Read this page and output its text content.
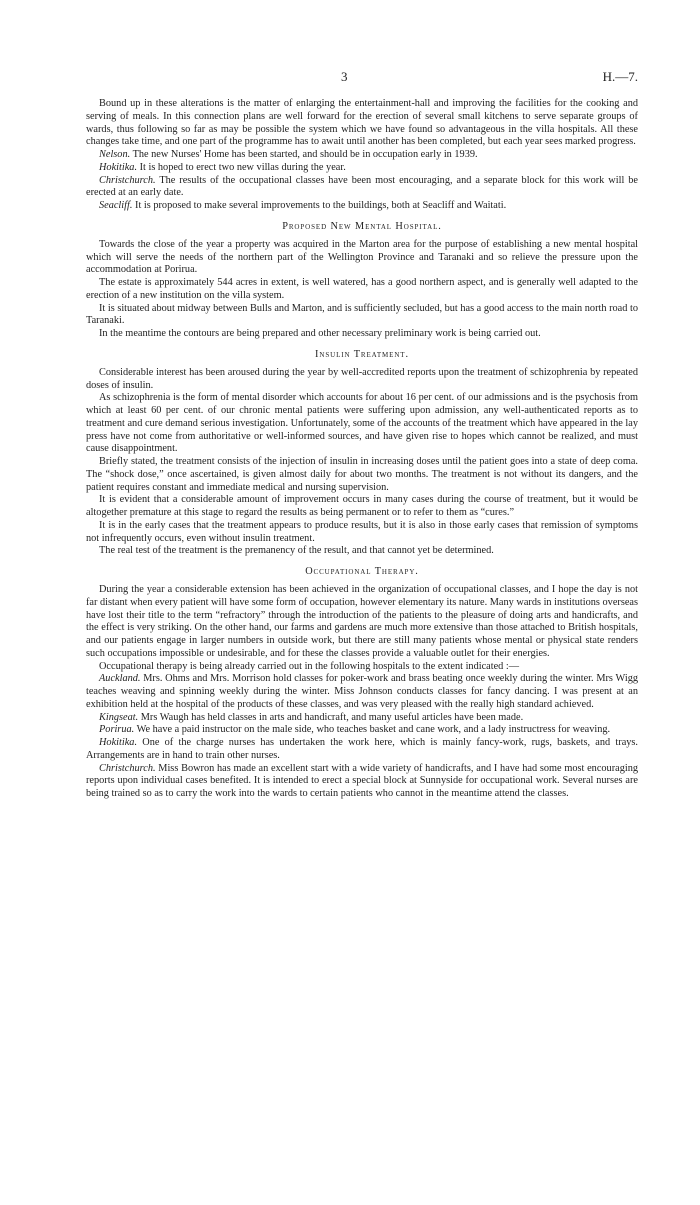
3	H.—7.

Bound up in these alterations is the matter of enlarging the entertainment-hall and improving the facilities for the cooking and serving of meals. In this connection plans are well forward for the erection of several small kitchens to serve separate groups of wards, thus following so far as may be possible the system which we have found so advantageous in the villa hospitals. All these changes take time, and one part of the programme has to await until another has been completed, but each year sees marked progress.

Nelson. The new Nurses' Home has been started, and should be in occupation early in 1939.

Hokitika. It is hoped to erect two new villas during the year.

Christchurch. The results of the occupational classes have been most encouraging, and a separate block for this work will be erected at an early date.

Seacliff. It is proposed to make several improvements to the buildings, both at Seacliff and Waitati.

Proposed New Mental Hospital.

Towards the close of the year a property was acquired in the Marton area for the purpose of establishing a new mental hospital which will serve the needs of the northern part of the Wellington Province and Taranaki and so relieve the pressure upon the accommodation at Porirua.

The estate is approximately 544 acres in extent, is well watered, has a good northern aspect, and is generally well adapted to the erection of a new institution on the villa system.

It is situated about midway between Bulls and Marton, and is sufficiently secluded, but has a good access to the main north road to Taranaki.

In the meantime the contours are being prepared and other necessary preliminary work is being carried out.

Insulin Treatment.

Considerable interest has been aroused during the year by well-accredited reports upon the treatment of schizophrenia by repeated doses of insulin.

As schizophrenia is the form of mental disorder which accounts for about 16 per cent. of our admissions and is the psychosis from which at least 60 per cent. of our chronic mental patients were suffering upon admission, any well-authenticated reports as to treatment and cure demand serious investigation. Unfortunately, some of the accounts of the treatment which have appeared in the lay press have not come from authoritative or well-informed sources, and have given rise to hopes which cannot be realized, and must cause disappointment.

Briefly stated, the treatment consists of the injection of insulin in increasing doses until the patient goes into a state of deep coma. The “shock dose,” once ascertained, is given almost daily for about two months. The treatment is not without its dangers, and the patient requires constant and immediate medical and nursing supervision.

It is evident that a considerable amount of improvement occurs in many cases during the course of treatment, but it would be altogether premature at this stage to regard the results as being permanent or to refer to them as “cures.”

It is in the early cases that the treatment appears to produce results, but it is also in those early cases that remission of symptoms not infrequently occurs, even without insulin treatment.

The real test of the treatment is the premanency of the result, and that cannot yet be determined.

Occupational Therapy.

During the year a considerable extension has been achieved in the organization of occupational classes, and I hope the day is not far distant when every patient will have some form of occupation, however elementary its nature. Many wards in institutions overseas have lost their title to the term “refractory” through the introduction of the patients to the pleasure of doing arts and handicrafts, and the effect is very striking. On the other hand, our farms and gardens are much more extensive than those attached to British hospitals, and our patients engage in larger numbers in outside work, but there are still many patients whose mental or physical state renders such occupations impossible or undesirable, and for these the classes provide a valuable outlet for their energies.

Occupational therapy is being already carried out in the following hospitals to the extent indicated :—

Auckland. Mrs. Ohms and Mrs. Morrison hold classes for poker-work and brass beating once weekly during the winter. Mrs Wigg teaches weaving and spinning weekly during the winter. Miss Johnson conducts classes for fancy dancing. I was present at an exhibition held at the hospital of the products of these classes, and was very pleased with the really high standard achieved.

Kingseat. Mrs Waugh has held classes in arts and handicraft, and many useful articles have been made.

Porirua. We have a paid instructor on the male side, who teaches basket and cane work, and a lady instructress for weaving.

Hokitika. One of the charge nurses has undertaken the work here, which is mainly fancy-work, rugs, baskets, and trays. Arrangements are in hand to train other nurses.

Christchurch. Miss Bowron has made an excellent start with a wide variety of handicrafts, and I have had some most encouraging reports upon individual cases benefited. It is intended to erect a special block at Sunnyside for occupational work. Several nurses are being trained so as to carry the work into the wards to certain patients who cannot in the meantime attend the classes.
